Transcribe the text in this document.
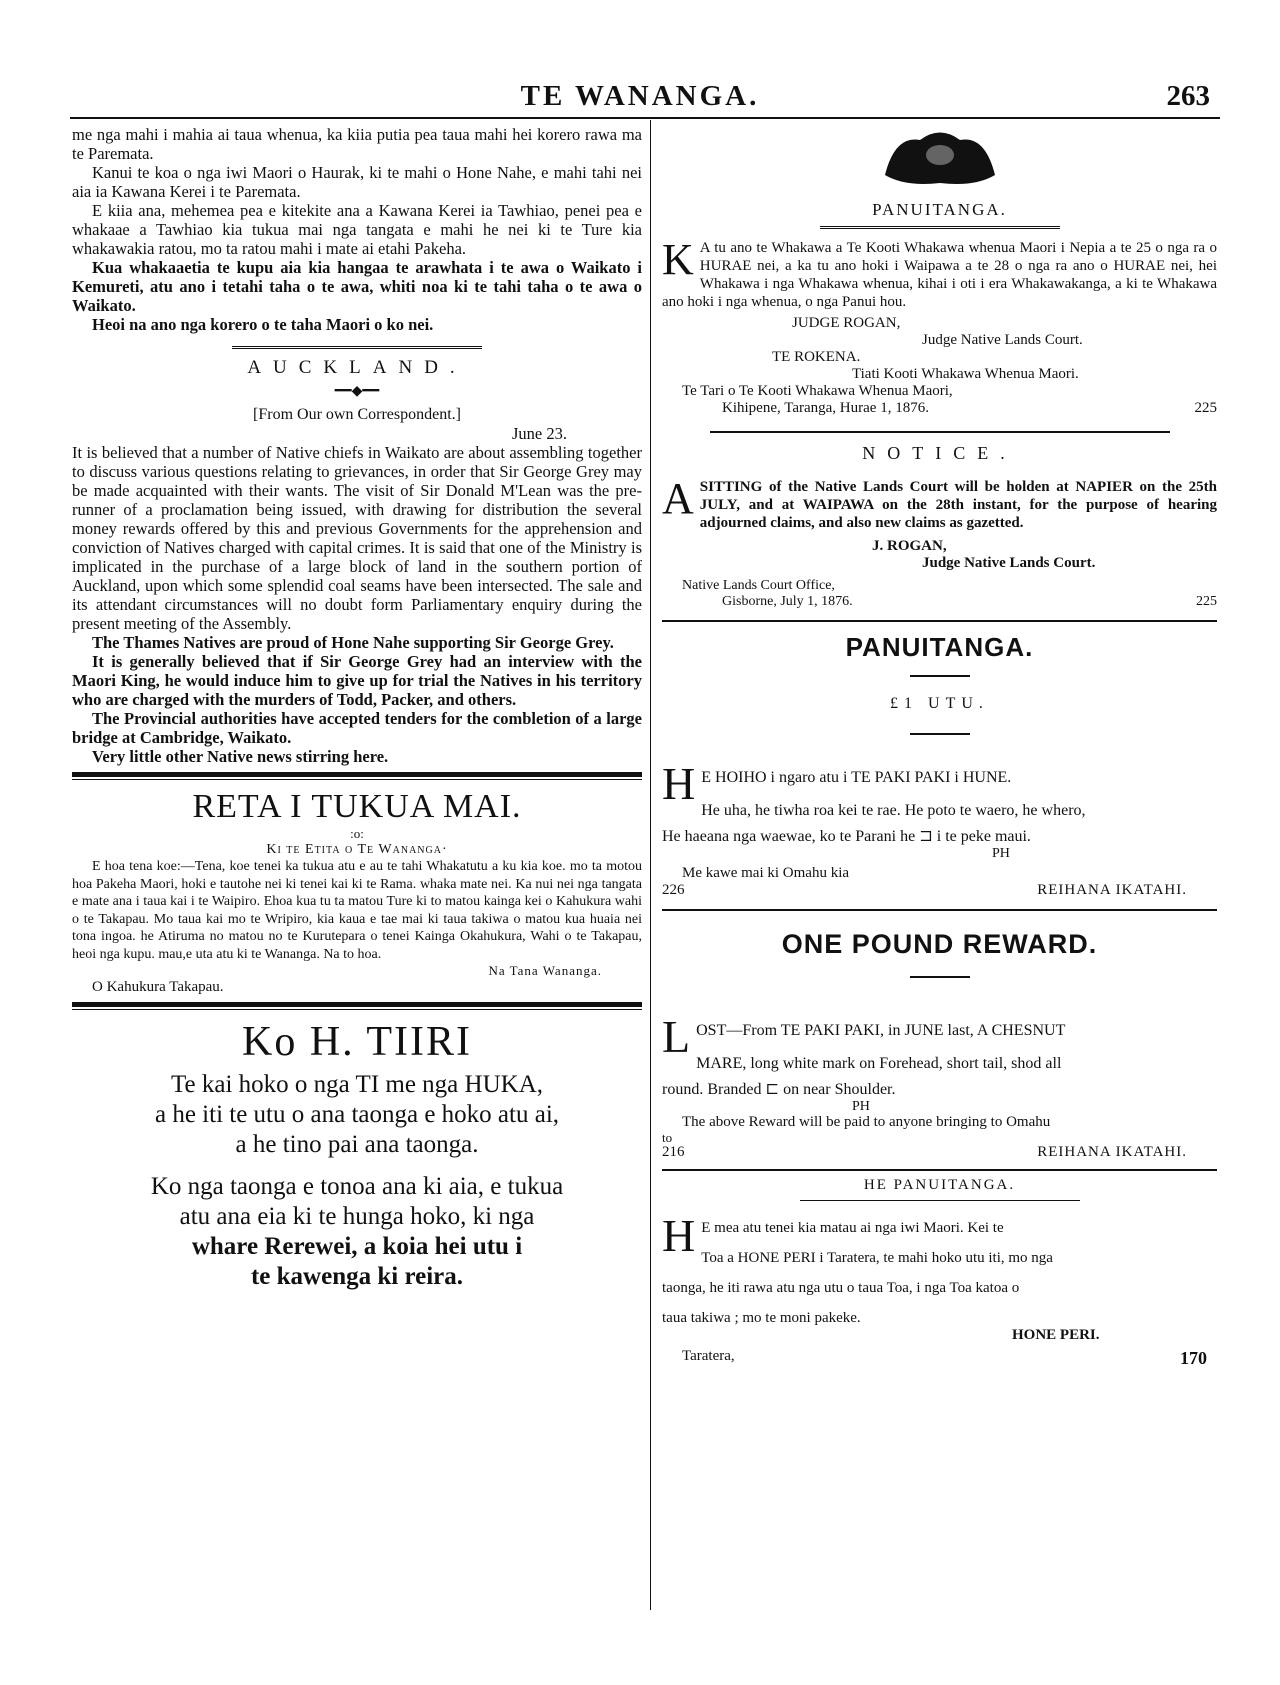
TE WANANGA.	263

me nga mahi i mahia ai taua whenua, ka kiia putia pea taua mahi hei korero rawa ma te Paremata.

Kanui te koa o nga iwi Maori o Haurak, ki te mahi o Hone Nahe, e mahi tahi nei aia ia Kawana Kerei i te Paremata.

E kiia ana, mehemea pea e kitekite ana a Kawana Kerei ia Tawhiao, penei pea e whakaae a Tawhiao kia tukua mai nga tangata e mahi he nei ki te Ture kia whakawakia ratou, mo ta ratou mahi i mate ai etahi Pakeha.

Kua whakaaetia te kupu aia kia hangaa te arawhata i te awa o Waikato i Kemureti, atu ano i tetahi taha o te awa, whiti noa ki te tahi taha o te awa o Waikato.

Heoi na ano nga korero o te taha Maori o ko nei.

AUCKLAND.

━━◆━━

[From Our own Correspondent.]

June 23.

It is believed that a number of Native chiefs in Waikato are about assembling together to discuss various questions relating to grievances, in order that Sir George Grey may be made acquainted with their wants. The visit of Sir Donald M'Lean was the pre-runner of a proclamation being issued, with drawing for distribution the several money rewards offered by this and previous Governments for the apprehension and conviction of Natives charged with capital crimes. It is said that one of the Ministry is implicated in the purchase of a large block of land in the southern portion of Auckland, upon which some splendid coal seams have been intersected. The sale and its attendant circumstances will no doubt form Parliamentary enquiry during the present meeting of the Assembly.

The Thames Natives are proud of Hone Nahe supporting Sir George Grey.

It is generally believed that if Sir George Grey had an interview with the Maori King, he would induce him to give up for trial the Natives in his territory who are charged with the murders of Todd, Packer, and others.

The Provincial authorities have accepted tenders for the combletion of a large bridge at Cambridge, Waikato.

Very little other Native news stirring here.

RETA I TUKUA MAI.

:o:

Ki te Etita o Te Wananga·

E hoa tena koe:—Tena, koe tenei ka tukua atu e au te tahi Whakatutu a ku kia koe. mo ta motou hoa Pakeha Maori, hoki e tautohe nei ki tenei kai ki te Rama. whaka mate nei. Ka nui nei nga tangata e mate ana i taua kai i te Waipiro. Ehoa kua tu ta matou Ture ki to matou kainga kei o Kahukura wahi o te Takapau. Mo taua kai mo te Wripiro, kia kaua e tae mai ki taua takiwa o matou kua huaia nei tona ingoa. he Atiruma no matou no te Kurutepara o tenei Kainga Okahukura, Wahi o te Takapau, heoi nga kupu. mau,e uta atu ki te Wananga. Na to hoa.

Na Tana Wananga.

O Kahukura Takapau.

Ko H. TIIRI

Te kai hoko o nga TI me nga HUKA,

a he iti te utu o ana taonga e hoko atu ai,

a he tino pai ana taonga.

Ko nga taonga e tonoa ana ki aia, e tukua

atu ana eia ki te hunga hoko, ki nga

whare Rerewei, a koia hei utu i

te kawenga ki reira.

PANUITANGA.

K A tu ano te Whakawa a Te Kooti Whakawa whenua Maori i Nepia a te 25 o nga ra o HURAE nei, a ka tu ano hoki i Waipawa a te 28 o nga ra ano o HURAE nei, hei Whakawa i nga Whakawa whenua, kihai i oti i era Whakawakanga, a ki te Whakawa ano hoki i nga whenua, o nga Panui hou.

JUDGE ROGAN,

Judge Native Lands Court.

TE ROKENA.

Tiati Kooti Whakawa Whenua Maori.

Te Tari o Te Kooti Whakawa Whenua Maori,

Kihipene, Taranga, Hurae 1, 1876.	225

NOTICE.

A SITTING of the Native Lands Court will be holden at NAPIER on the 25th JULY, and at WAIPAWA on the 28th instant, for the purpose of hearing adjourned claims, and also new claims as gazetted.

J. ROGAN,

Judge Native Lands Court.

Native Lands Court Office,

Gisborne, July 1, 1876.	225

PANUITANGA.

£1 UTU.

H E HOIHO i ngaro atu i TE PAKI PAKI i HUNE.

He uha, he tiwha roa kei te rae. He poto te waero, he whero,

He haeana nga waewae, ko te Parani he ⊐ i te peke maui.

PH

Me kawe mai ki Omahu kia

226	REIHANA IKATAHI.

ONE POUND REWARD.

L OST—From TE PAKI PAKI, in JUNE last, A CHESNUT

MARE, long white mark on Forehead, short tail, shod all

round. Branded ⊏ on near Shoulder.

PH

The above Reward will be paid to anyone bringing to Omahu

to

216	REIHANA IKATAHI.

HE PANUITANGA.

H E mea atu tenei kia matau ai nga iwi Maori. Kei te

Toa a HONE PERI i Taratera, te mahi hoko utu iti, mo nga

taonga, he iti rawa atu nga utu o taua Toa, i nga Toa katoa o

taua takiwa ; mo te moni pakeke.

HONE PERI.

Taratera,	170
